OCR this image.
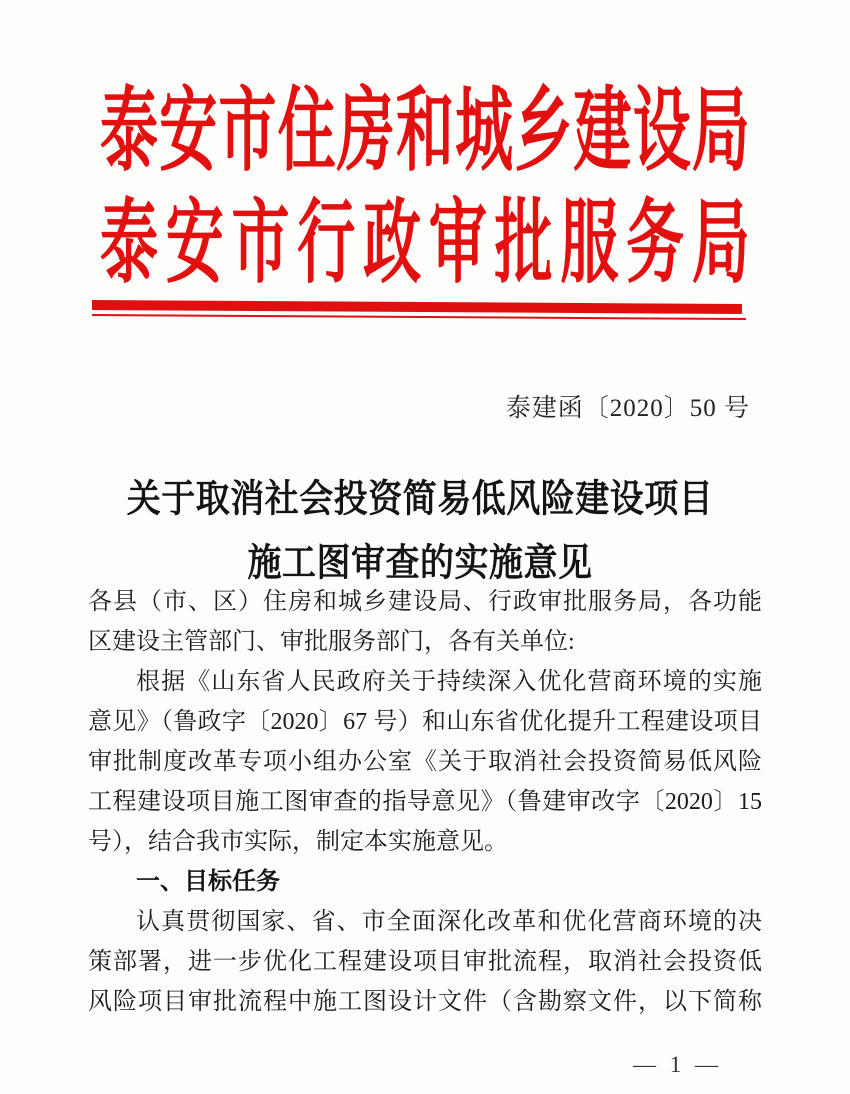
泰 安 市 住 房 和 城 乡 建 设 局
泰 安 市 行 政 审 批 服 务 局
泰建函〔2020〕50 号
关于取消社会投资简易低风险建设项目
施工图审查的实施意见
各县（市、区）住房和城乡建设局、行政审批服务局，各功能
区建设主管部门、审批服务部门，各有关单位:
根据《山东省人民政府关于持续深入优化营商环境的实施
意见》（鲁政字〔2020〕67 号）和山东省优化提升工程建设项目
审批制度改革专项小组办公室《关于取消社会投资简易低风险
工程建设项目施工图审查的指导意见》（鲁建审改字〔2020〕15
号），结合我市实际，制定本实施意见。
一、目标任务
认真贯彻国家、省、市全面深化改革和优化营商环境的决
策部署，进一步优化工程建设项目审批流程，取消社会投资低
风险项目审批流程中施工图设计文件（含勘察文件，以下简称
— 1 —
